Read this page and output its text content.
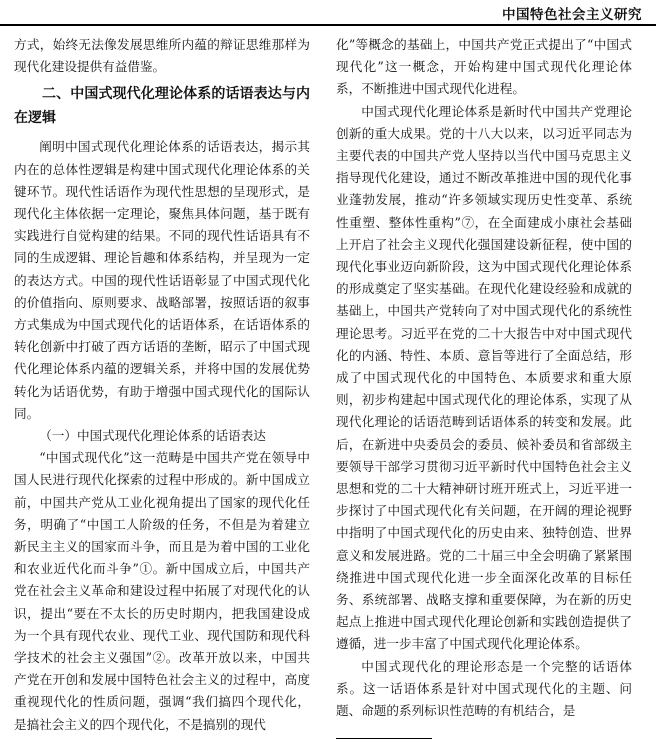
中国特色社会主义研究

方式，始终无法像发展思维所内蕴的辩证思维那样为现代化建设提供有益借鉴。

二、中国式现代化理论体系的话语表达与内在逻辑

阐明中国式现代化理论体系的话语表达，揭示其内在的总体性逻辑是构建中国式现代化理论体系的关键环节。现代性话语作为现代性思想的呈现形式，是现代化主体依据一定理论，聚焦具体问题，基于既有实践进行自觉构建的结果。不同的现代性话语具有不同的生成逻辑、理论旨趣和体系结构，并呈现为一定的表达方式。中国的现代性话语彰显了中国式现代化的价值指向、原则要求、战略部署，按照话语的叙事方式集成为中国式现代化的话语体系，在话语体系的转化创新中打破了西方话语的垄断，昭示了中国式现代化理论体系内蕴的逻辑关系，并将中国的发展优势转化为话语优势，有助于增强中国式现代化的国际认同。

（一）中国式现代化理论体系的话语表达

“中国式现代化”这一范畴是中国共产党在领导中国人民进行现代化探索的过程中形成的。新中国成立前，中国共产党从工业化视角提出了国家的现代化任务，明确了“中国工人阶级的任务，不但是为着建立新民主主义的国家而斗争，而且是为着中国的工业化和农业近代化而斗争”①。新中国成立后，中国共产党在社会主义革命和建设过程中拓展了对现代化的认识，提出“要在不太长的历史时期内，把我国建设成为一个具有现代农业、现代工业、现代国防和现代科学技术的社会主义强国”②。改革开放以来，中国共产党在开创和发展中国特色社会主义的过程中，高度重视现代化的性质问题，强调“我们搞四个现代化，是搞社会主义的四个现代化，不是搞别的现代

化”等概念的基础上，中国共产党正式提出了“中国式现代化”这一概念，开始构建中国式现代化理论体系，不断推进中国式现代化进程。

中国式现代化理论体系是新时代中国共产党理论创新的重大成果。党的十八大以来，以习近平同志为主要代表的中国共产党人坚持以当代中国马克思主义指导现代化建设，通过不断改革推进中国的现代化事业蓬勃发展，推动“许多领域实现历史性变革、系统性重塑、整体性重构”⑦，在全面建成小康社会基础上开启了社会主义现代化强国建设新征程，使中国的现代化事业迈向新阶段，这为中国式现代化理论体系的形成奠定了坚实基础。在现代化建设经验和成就的基础上，中国共产党转向了对中国式现代化的系统性理论思考。习近平在党的二十大报告中对中国式现代化的内涵、特性、本质、意旨等进行了全面总结，形成了中国式现代化的中国特色、本质要求和重大原则，初步构建起中国式现代化的理论体系，实现了从现代化理论的话语范畴到话语体系的转变和发展。此后，在新进中央委员会的委员、候补委员和省部级主要领导干部学习贯彻习近平新时代中国特色社会主义思想和党的二十大精神研讨班开班式上，习近平进一步探讨了中国式现代化有关问题，在开阔的理论视野中指明了中国式现代化的历史由来、独特创造、世界意义和发展进路。党的二十届三中全会明确了紧紧围绕推进中国式现代化进一步全面深化改革的目标任务、系统部署、战略支撑和重要保障，为在新的历史起点上推进中国式现代化理论创新和实践创造提供了遵循，进一步丰富了中国式现代化理论体系。

中国式现代化的理论形态是一个完整的话语体系。这一话语体系是针对中国式现代化的主题、问题、命题的系列标识性范畴的有机结合，是
